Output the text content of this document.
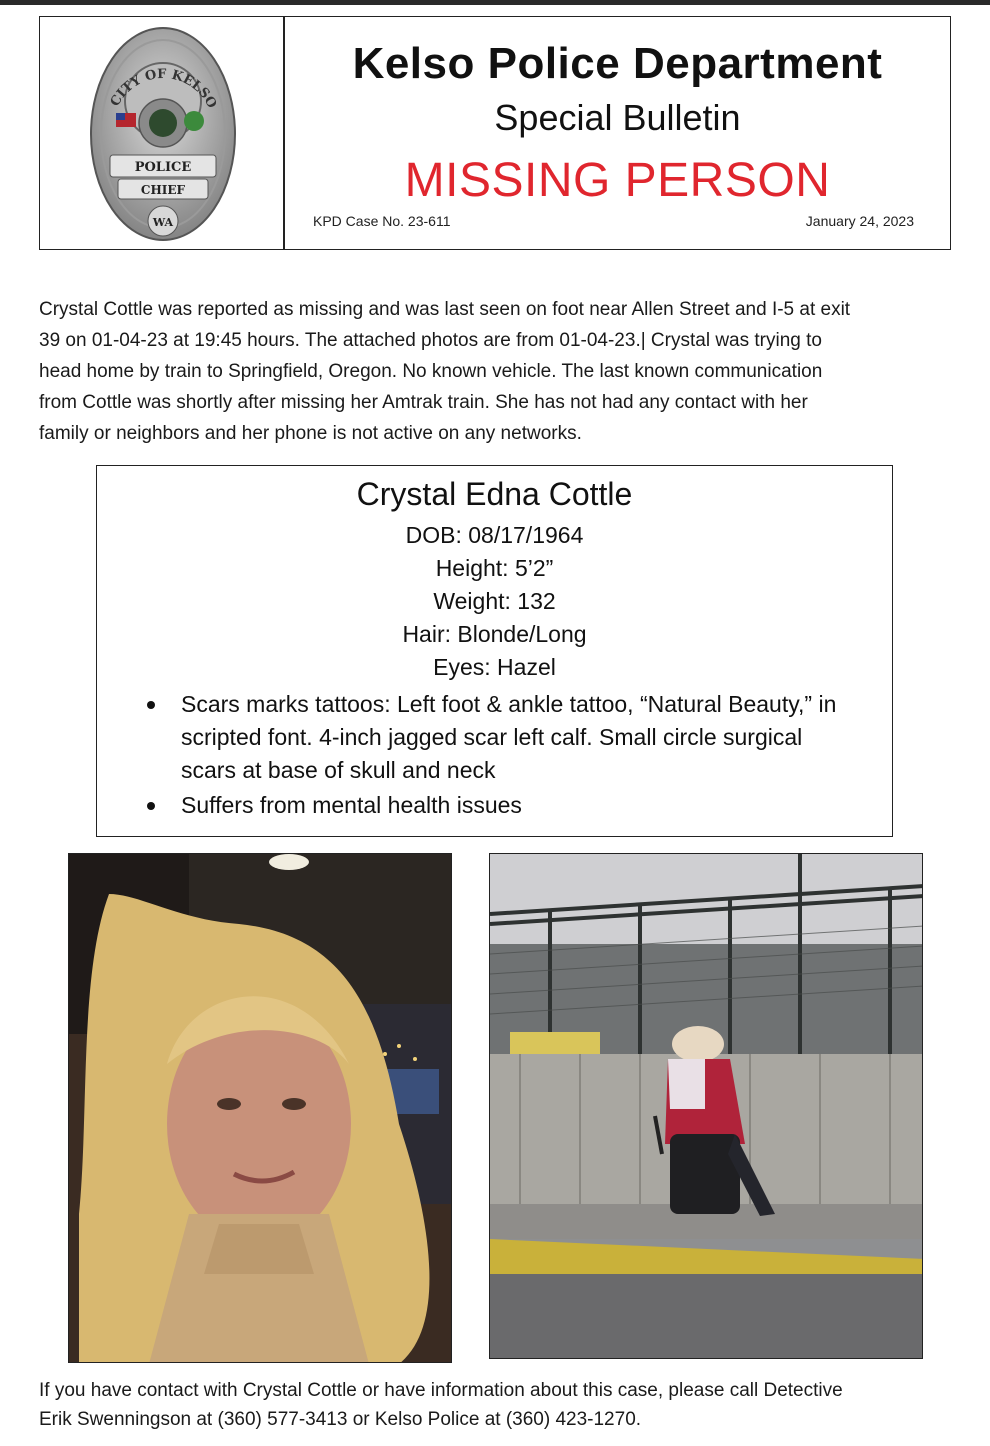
CITY OF KELSO
POLICE
CHIEF
WA
Kelso Police Department
Special Bulletin
MISSING PERSON
KPD Case No. 23-611	January 24, 2023
Crystal Cottle was reported as missing and was last seen on foot near Allen Street and I-5 at exit
39 on 01-04-23 at 19:45 hours. The attached photos are from 01-04-23.| Crystal was trying to
head home by train to Springfield, Oregon. No known vehicle. The last known communication
from Cottle was shortly after missing her Amtrak train. She has not had any contact with her
family or neighbors and her phone is not active on any networks.
Crystal Edna Cottle
DOB: 08/17/1964
Height: 5’2”
Weight: 132
Hair: Blonde/Long
Eyes: Hazel
Scars marks tattoos: Left foot & ankle tattoo, “Natural Beauty,” in scripted font. 4-inch jagged scar left calf. Small circle surgical scars at base of skull and neck
Suffers from mental health issues
If you have contact with Crystal Cottle or have information about this case, please call Detective
Erik Swenningson at (360) 577-3413 or Kelso Police at (360) 423-1270.
